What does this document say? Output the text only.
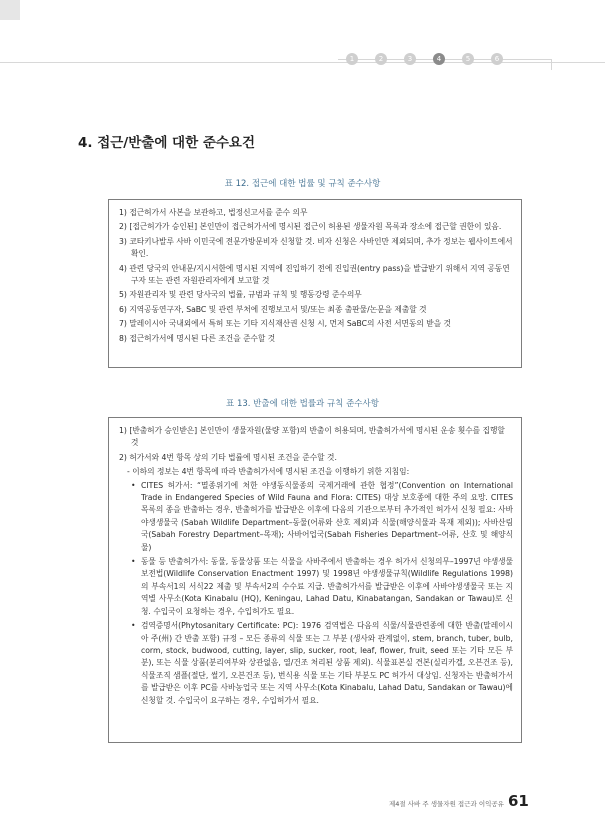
1	2	3	4	5	6
4. 접근/반출에 대한 준수요건
표 12. 접근에 대한 법률 및 규칙 준수사항
1) 접근허가서 사본을 보관하고, 법정신고서를 준수 의무
2) [접근허가가 승인된] 본인만이 접근허가서에 명시된 접근이 허용된 생물자원 목록과 장소에 접근할 권한이 있음.
3) 코타키나발루 사바 이민국에 전문가방문비자 신청할 것. 비자 신청은 사바인만 제외되며, 추가 정보는 웹사이트에서 확인.
4) 관련 당국의 안내문/지시서한에 명시된 지역에 진입하기 전에 진입권(entry pass)을 발급받기 위해서 지역 공동연구자 또는 관련 자원관리자에게 보고할 것
5) 자원관리자 및 관련 당사국의 법률, 규범과 규칙 및 행동강령 준수의무
6) 지역공동연구자, SaBC 및 관련 부처에 진행보고서 및/또는 최종 출판물/논문을 제출할 것
7) 말레이시아 국내외에서 특허 또는 기타 지식재산권 신청 시, 먼저 SaBC의 사전 서면동의 받을 것
8) 접근허가서에 명시된 다른 조건을 준수할 것
표 13. 반출에 대한 법률과 규칙 준수사항
1) [반출허가 승인받은] 본인만이 생물자원(물량 포함)의 반출이 허용되며, 반출허가서에 명시된 운송 횟수를 집행할 것
2) 허가서와 4번 항목 상의 기타 법률에 명시된 조건을 준수할 것.
- 이하의 정보는 4번 항목에 따라 반출허가서에 명시된 조건을 이행하기 위한 지침임:
• CITES 허가서: “멸종위기에 처한 야생동식물종의 국제거래에 관한 협정”(Convention on International Trade in Endangered Species of Wild Fauna and Flora: CITES) 대상 보호종에 대한 주의 요망. CITES 목록의 종을 반출하는 경우, 반출허가를 발급받은 이후에 다음의 기관으로부터 추가적인 허가서 신청 필요: 사바야생생물국 (Sabah Wildlife Department–동물(어류와 산호 제외)과 식물(해양식물과 목재 제외)); 사바산림국(Sabah Forestry Department–목재); 사바어업국(Sabah Fisheries Department–어류, 산호 및 해양식물)
• 동물 등 반출허가서: 동물, 동물상품 또는 식물을 사바주에서 반출하는 경우 허가서 신청의무–1997년 야생생물보전법(Wildlife Conservation Enactment 1997) 및 1998년 야생생물규칙(Wildlife Regulations 1998)의 부속서1의 서식22 제출 및 부속서2의 수수료 지급. 반출허가서를 발급받은 이후에 사바야생생물국 또는 지역별 사무소(Kota Kinabalu (HQ), Keningau, Lahad Datu, Kinabatangan, Sandakan or Tawau)로 신청. 수입국이 요청하는 경우, 수입허가도 필요.
• 검역증명서(Phytosanitary Certificate: PC): 1976 검역법은 다음의 식물/식물관련종에 대한 반출(말레이시아 주(州) 간 반출 포함) 규정 – 모든 종류의 식물 또는 그 부분 (생사와 관계없이, stem, branch, tuber, bulb, corm, stock, budwood, cutting, layer, slip, sucker, root, leaf, flower, fruit, seed 또는 기타 모든 부분), 또는 식물 상품(분리여부와 상관없음, 열/건조 처리된 상품 제외). 식물표본실 견본(실리카겔, 오븐건조 등), 식물조직 샘플(절단, 썰기, 오븐건조 등), 번식용 식물 또는 기타 부분도 PC 허가서 대상임. 신청자는 반출허가서를 발급받은 이후 PC를 사바농업국 또는 지역 사무소(Kota Kinabalu, Lahad Datu, Sandakan or Tawau)에 신청할 것. 수입국이 요구하는 경우, 수입허가서 필요.
제4절 사바 주 생물자원 접근과 이익공유 61
